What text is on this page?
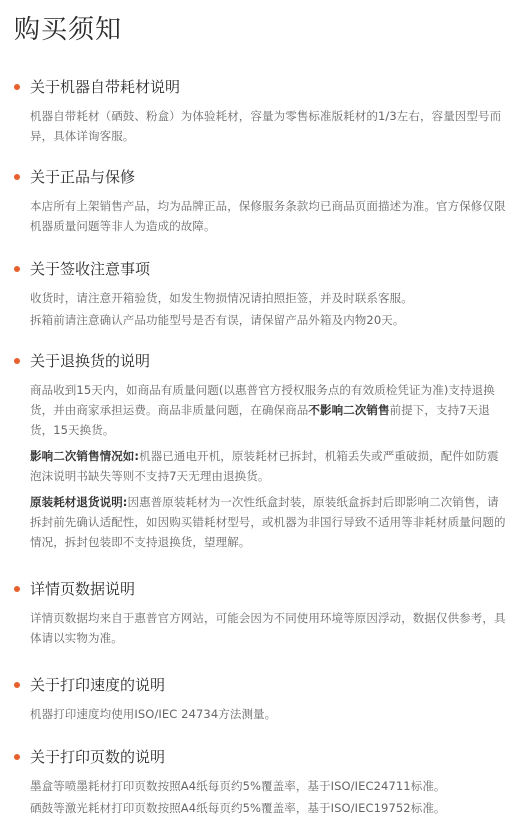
购买须知
关于机器自带耗材说明
机器自带耗材（硒鼓、粉盒）为体验耗材，容量为零售标准版耗材的1/3左右，容量因型号而异，具体详询客服。
关于正品与保修
本店所有上架销售产品，均为品牌正品，保修服务条款均已商品页面描述为准。官方保修仅限机器质量问题等非人为造成的故障。
关于签收注意事项
收货时，请注意开箱验货，如发生物损情况请拍照拒签，并及时联系客服。
拆箱前请注意确认产品功能型号是否有误，请保留产品外箱及内物20天。
关于退换货的说明
商品收到15天内，如商品有质量问题(以惠普官方授权服务点的有效质检凭证为准)支持退换货，并由商家承担运费。商品非质量问题，在确保商品不影响二次销售前提下，支持7天退货，15天换货。
影响二次销售情况如:机器已通电开机，原装耗材已拆封，机箱丢失或严重破损，配件如防震泡沫说明书缺失等则不支持7天无理由退换货。
原装耗材退货说明:因惠普原装耗材为一次性纸盒封装，原装纸盒拆封后即影响二次销售，请拆封前先确认适配性，如因购买错耗材型号，或机器为非国行导致不适用等非耗材质量问题的情况，拆封包装即不支持退换货，望理解。
详情页数据说明
详情页数据均来自于惠普官方网站，可能会因为不同使用环境等原因浮动，数据仅供参考，具体请以实物为准。
关于打印速度的说明
机器打印速度均使用ISO/IEC 24734方法测量。
关于打印页数的说明
墨盒等喷墨耗材打印页数按照A4纸每页约5%覆盖率，基于ISO/IEC24711标准。
硒鼓等激光耗材打印页数按照A4纸每页约5%覆盖率，基于ISO/IEC19752标准。
